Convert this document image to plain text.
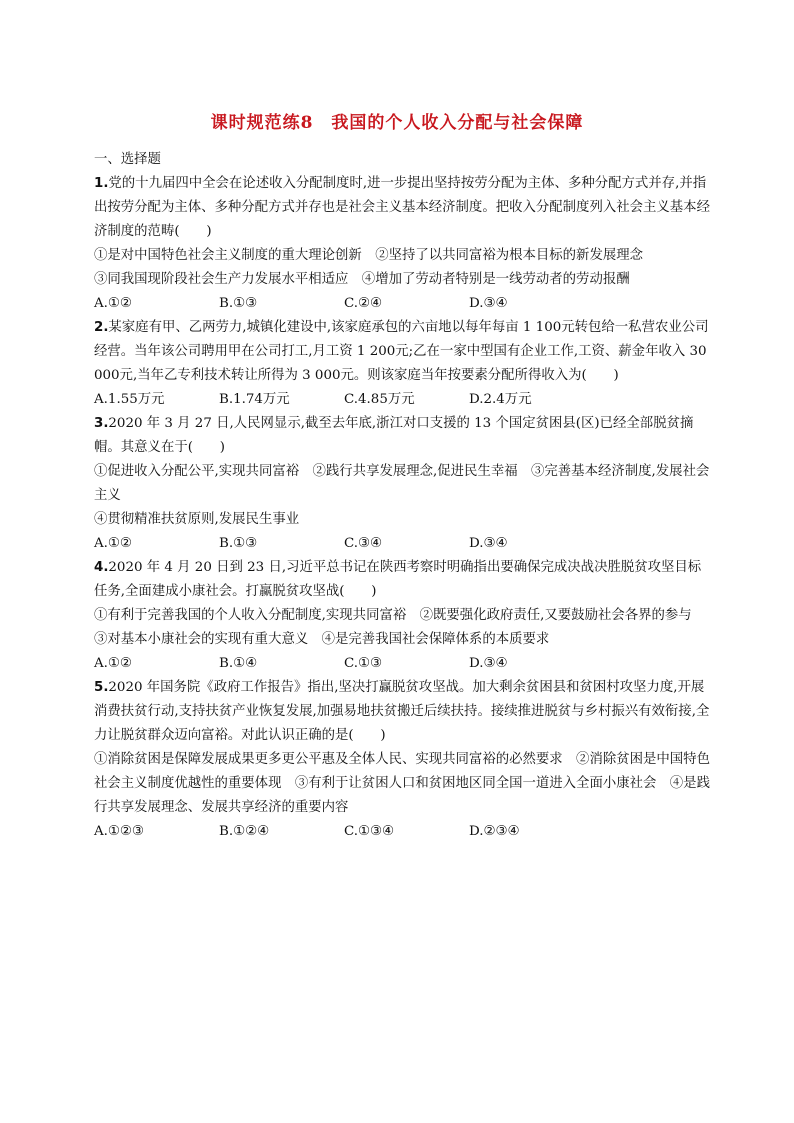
课时规范练8　我国的个人收入分配与社会保障

一、选择题

1.党的十九届四中全会在论述收入分配制度时,进一步提出坚持按劳分配为主体、多种分配方式并存,并指出按劳分配为主体、多种分配方式并存也是社会主义基本经济制度。把收入分配制度列入社会主义基本经济制度的范畴(　　)

①是对中国特色社会主义制度的重大理论创新　②坚持了以共同富裕为根本目标的新发展理念

③同我国现阶段社会生产力发展水平相适应　④增加了劳动者特别是一线劳动者的劳动报酬

A.①②	B.①③	C.②④	D.③④

2.某家庭有甲、乙两劳力,城镇化建设中,该家庭承包的六亩地以每年每亩 1 100元转包给一私营农业公司经营。当年该公司聘用甲在公司打工,月工资 1 200元;乙在一家中型国有企业工作,工资、薪金年收入 30 000元,当年乙专利技术转让所得为 3 000元。则该家庭当年按要素分配所得收入为(　　)

A.1.55万元	B.1.74万元	C.4.85万元	D.2.4万元

3.2020 年 3 月 27 日,人民网显示,截至去年底,浙江对口支援的 13 个国定贫困县(区)已经全部脱贫摘帽。其意义在于(　　)

①促进收入分配公平,实现共同富裕　②践行共享发展理念,促进民生幸福　③完善基本经济制度,发展社会主义

④贯彻精准扶贫原则,发展民生事业

A.①②	B.①③	C.③④	D.③④

4.2020 年 4 月 20 日到 23 日,习近平总书记在陕西考察时明确指出要确保完成决战决胜脱贫攻坚目标任务,全面建成小康社会。打赢脱贫攻坚战(　　)

①有利于完善我国的个人收入分配制度,实现共同富裕　②既要强化政府责任,又要鼓励社会各界的参与　③对基本小康社会的实现有重大意义　④是完善我国社会保障体系的本质要求

A.①②	B.①④	C.①③	D.③④

5.2020 年国务院《政府工作报告》指出,坚决打赢脱贫攻坚战。加大剩余贫困县和贫困村攻坚力度,开展消费扶贫行动,支持扶贫产业恢复发展,加强易地扶贫搬迁后续扶持。接续推进脱贫与乡村振兴有效衔接,全力让脱贫群众迈向富裕。对此认识正确的是(　　)

①消除贫困是保障发展成果更多更公平惠及全体人民、实现共同富裕的必然要求　②消除贫困是中国特色社会主义制度优越性的重要体现　③有利于让贫困人口和贫困地区同全国一道进入全面小康社会　④是践行共享发展理念、发展共享经济的重要内容

A.①②③	B.①②④	C.①③④	D.②③④
